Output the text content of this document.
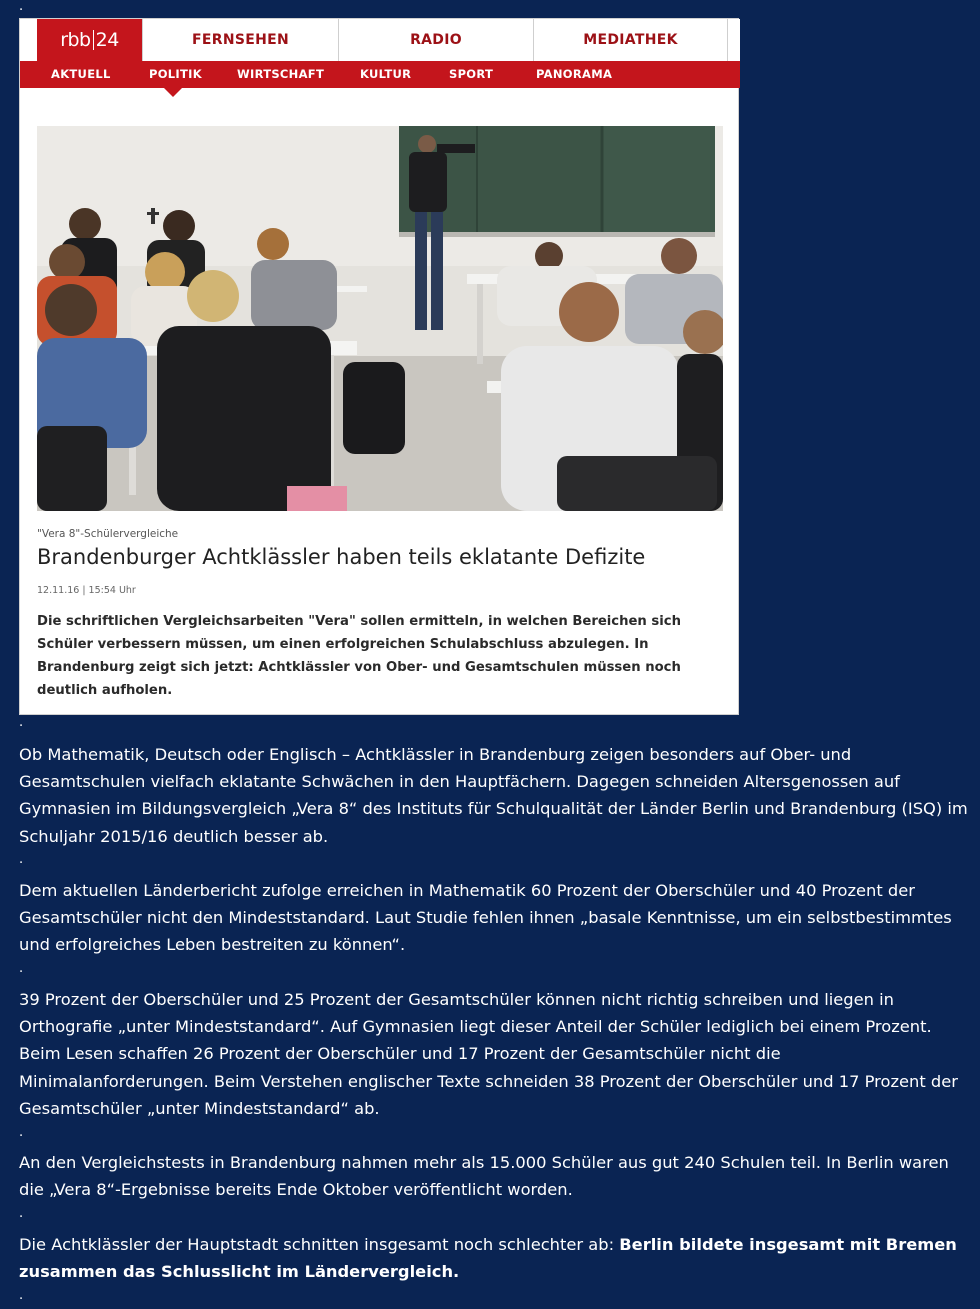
.
rbb 24	FERNSEHEN	RADIO	MEDIATHEK
AKTUELL	POLITIK	WIRTSCHAFT	KULTUR	SPORT	PANORAMA
"Vera 8"-Schülervergleiche
Brandenburger Achtklässler haben teils eklatante Defizite
12.11.16 | 15:54 Uhr
Die schriftlichen Vergleichsarbeiten "Vera" sollen ermitteln, in welchen Bereichen sich Schüler verbessern müssen, um einen erfolgreichen Schulabschluss abzulegen. In Brandenburg zeigt sich jetzt: Achtklässler von Ober- und Gesamtschulen müssen noch deutlich aufholen.
.
Ob Mathematik, Deutsch oder Englisch – Achtklässler in Brandenburg zeigen besonders auf Ober- und Gesamtschulen vielfach eklatante Schwächen in den Hauptfächern. Dagegen schneiden Altersgenossen auf Gymnasien im Bildungsvergleich „Vera 8“ des Instituts für Schulqualität der Länder Berlin und Brandenburg (ISQ) im Schuljahr 2015/16 deutlich besser ab.
.
Dem aktuellen Länderbericht zufolge erreichen in Mathematik 60 Prozent der Oberschüler und 40 Prozent der Gesamtschüler nicht den Mindeststandard. Laut Studie fehlen ihnen „basale Kenntnisse, um ein selbstbestimmtes und erfolgreiches Leben bestreiten zu können“.
.
39 Prozent der Oberschüler und 25 Prozent der Gesamtschüler können nicht richtig schreiben und liegen in Orthografie „unter Mindeststandard“. Auf Gymnasien liegt dieser Anteil der Schüler lediglich bei einem Prozent. Beim Lesen schaffen 26 Prozent der Oberschüler und 17 Prozent der Gesamtschüler nicht die Minimalanforderungen. Beim Verstehen englischer Texte schneiden 38 Prozent der Oberschüler und 17 Prozent der Gesamtschüler „unter Mindeststandard“ ab.
.
An den Vergleichstests in Brandenburg nahmen mehr als 15.000 Schüler aus gut 240 Schulen teil. In Berlin waren die „Vera 8“-Ergebnisse bereits Ende Oktober veröffentlicht worden.
.
Die Achtklässler der Hauptstadt schnitten insgesamt noch schlechter ab: Berlin bildete insgesamt mit Bremen zusammen das Schlusslicht im Ländervergleich.
.
